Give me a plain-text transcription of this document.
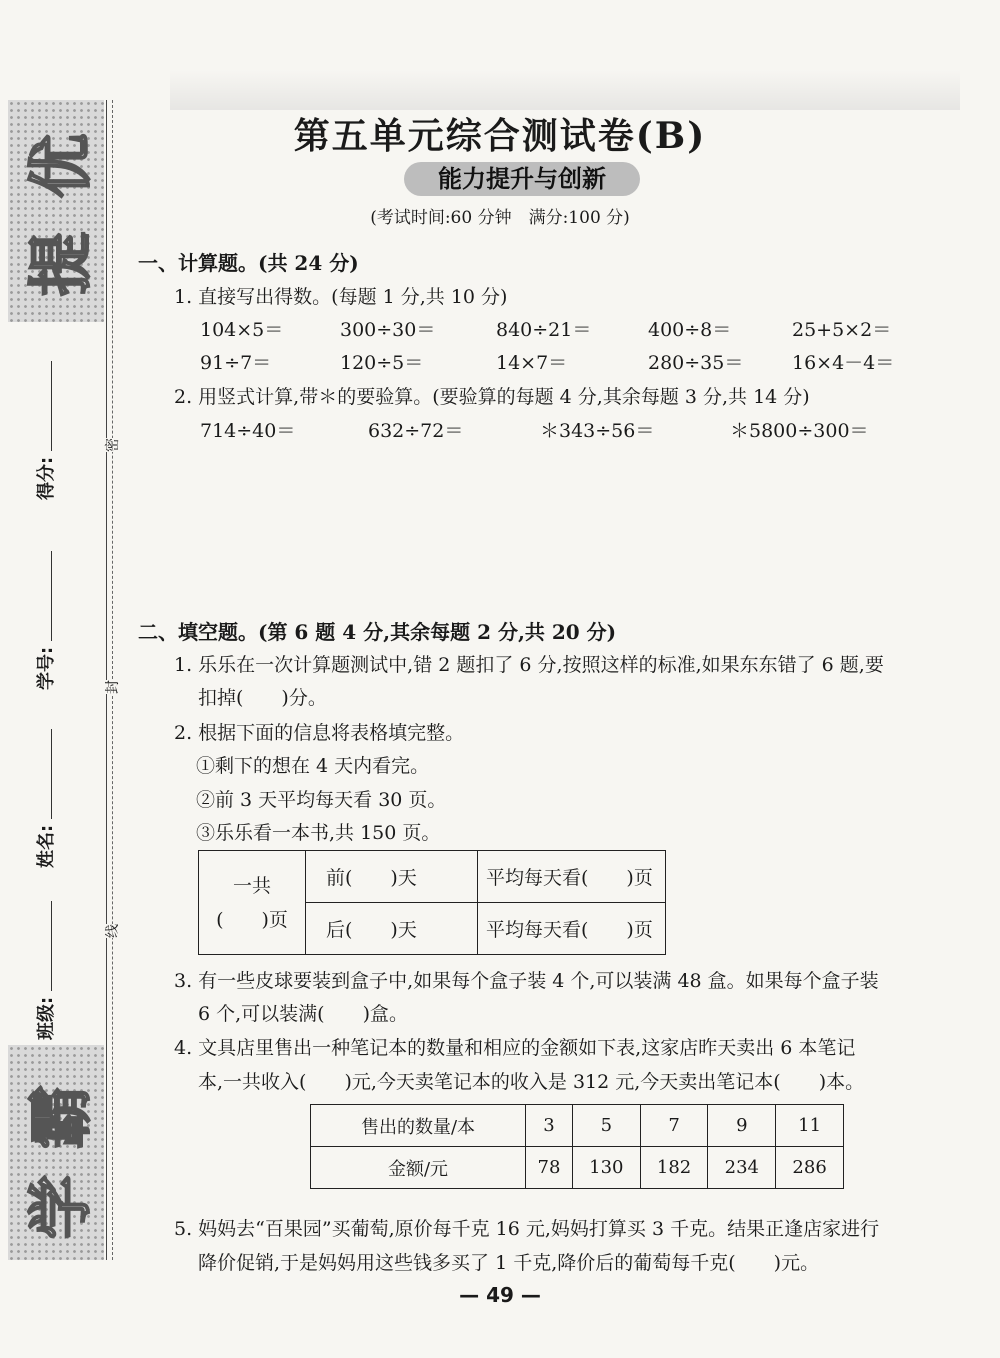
优
提
霸
学
得分:
学号:
姓名:
班级:
密
封
线
第五单元综合测试卷(B)
能力提升与创新
(考试时间:60 分钟　满分:100 分)
一、计算题。(共 24 分)
1. 直接写出得数。(每题 1 分,共 10 分)
104×5＝	300÷30＝	840÷21＝	400÷8＝	25+5×2＝
91÷7＝	120÷5＝	14×7＝	280÷35＝	16×4－4＝
2. 用竖式计算,带＊的要验算。(要验算的每题 4 分,其余每题 3 分,共 14 分)
714÷40＝	632÷72＝	＊343÷56＝	＊5800÷300＝
二、填空题。(第 6 题 4 分,其余每题 2 分,共 20 分)
1. 乐乐在一次计算题测试中,错 2 题扣了 6 分,按照这样的标准,如果东东错了 6 题,要
扣掉(　　)分。
2. 根据下面的信息将表格填完整。
①剩下的想在 4 天内看完。
②前 3 天平均每天看 30 页。
③乐乐看一本书,共 150 页。
一共
(　　)页	前(　　)天	平均每天看(　　)页
	后(　　)天	平均每天看(　　)页
3. 有一些皮球要装到盒子中,如果每个盒子装 4 个,可以装满 48 盒。如果每个盒子装
6 个,可以装满(　　)盒。
4. 文具店里售出一种笔记本的数量和相应的金额如下表,这家店昨天卖出 6 本笔记
本,一共收入(　　)元,今天卖笔记本的收入是 312 元,今天卖出笔记本(　　)本。
售出的数量/本	3	5	7	9	11
金额/元	78	130	182	234	286
5. 妈妈去“百果园”买葡萄,原价每千克 16 元,妈妈打算买 3 千克。结果正逢店家进行
降价促销,于是妈妈用这些钱多买了 1 千克,降价后的葡萄每千克(　　)元。
— 49 —
